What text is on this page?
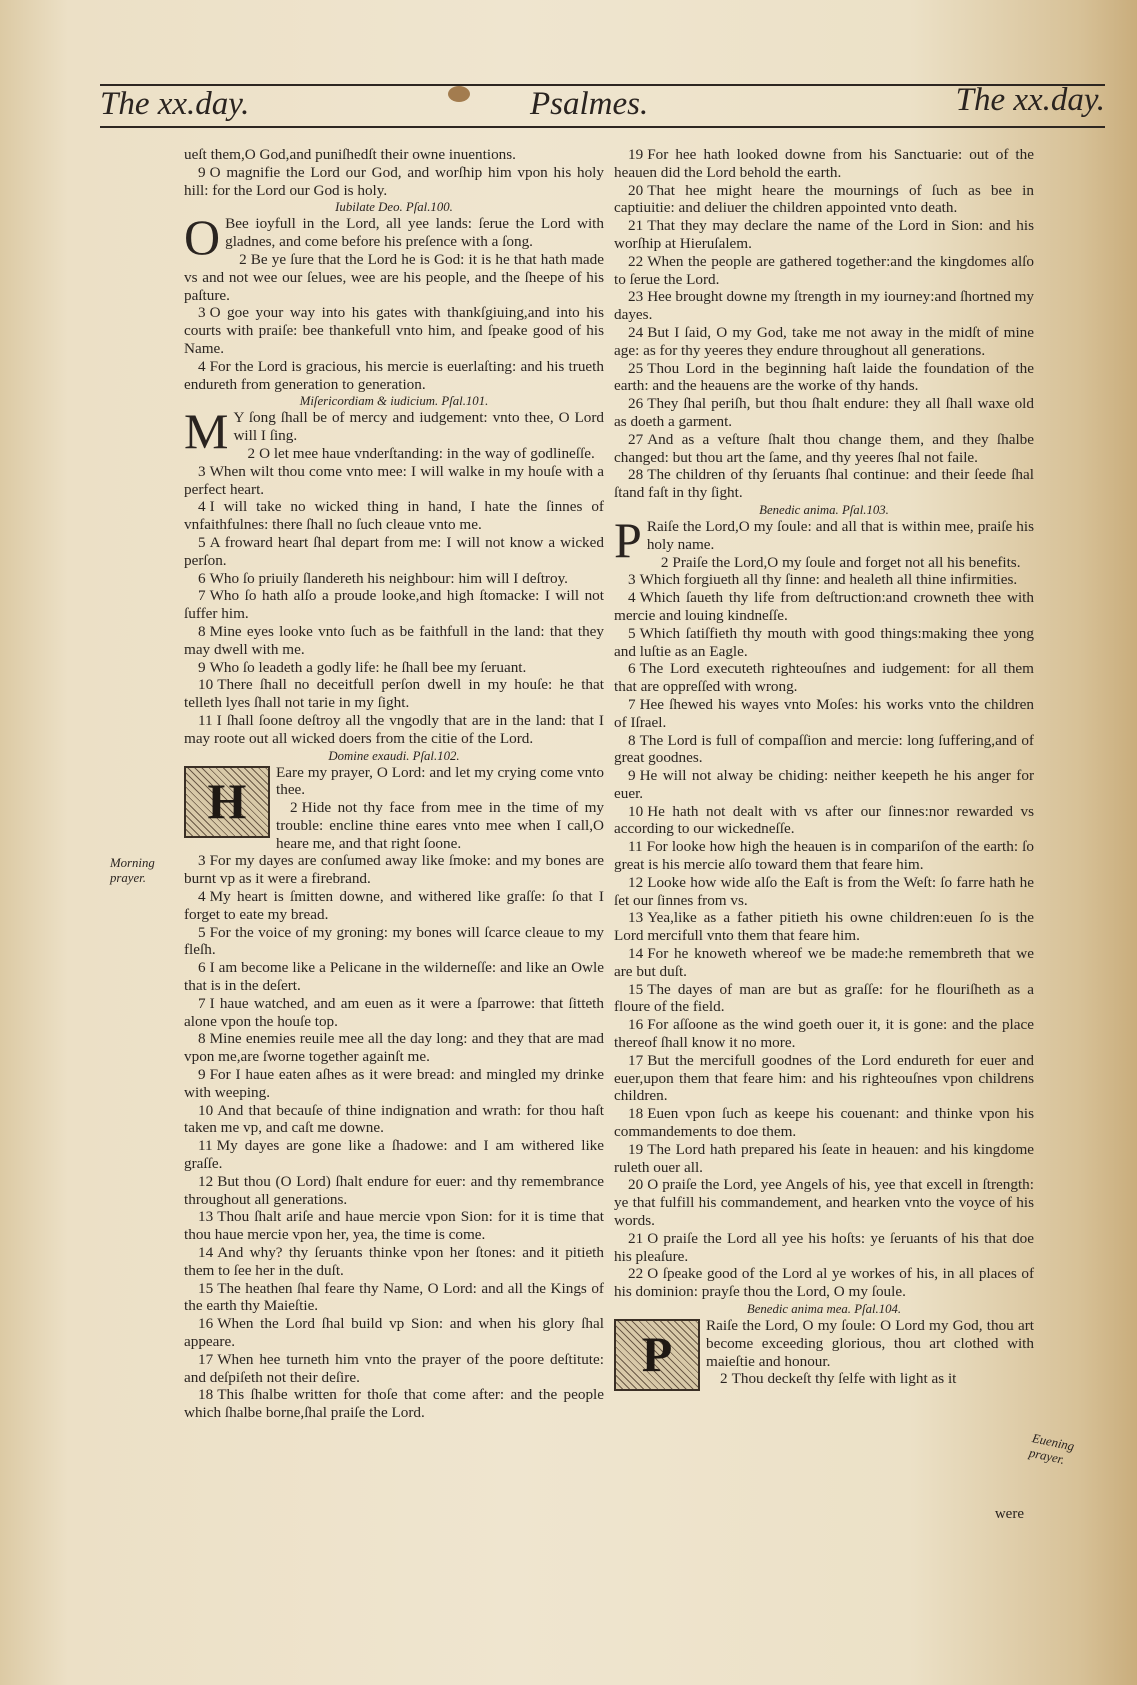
The xx.day.	Psalmes.	The xx.day.

ueſt them,O God,and puniſhedſt their owne inuentions.

9 O magnifie the Lord our God, and worſhip him vpon his holy hill: for the Lord our God is holy.

Iubilate Deo. Pſal.100.

O Bee ioyfull in the Lord, all yee lands: ſerue the Lord with gladnes, and come before his preſence with a ſong.

2 Be ye ſure that the Lord he is God: it is he that hath made vs and not wee our ſelues, wee are his people, and the ſheepe of his paſture.

3 O goe your way into his gates with thankſgiuing,and into his courts with praiſe: bee thankefull vnto him, and ſpeake good of his Name.

4 For the Lord is gracious, his mercie is euerlaſting: and his trueth endureth from generation to generation.

Miſericordiam & iudicium. Pſal.101.

M Y ſong ſhall be of mercy and iudgement: vnto thee, O Lord will I ſing.

2 O let mee haue vnderſtanding: in the way of godlineſſe.

3 When wilt thou come vnto mee: I will walke in my houſe with a perfect heart.

4 I will take no wicked thing in hand, I hate the ſinnes of vnfaithfulnes: there ſhall no ſuch cleaue vnto me.

5 A froward heart ſhal depart from me: I will not know a wicked perſon.

6 Who ſo priuily ſlandereth his neighbour: him will I deſtroy.

7 Who ſo hath alſo a proude looke,and high ſtomacke: I will not ſuffer him.

8 Mine eyes looke vnto ſuch as be faithfull in the land: that they may dwell with me.

9 Who ſo leadeth a godly life: he ſhall bee my ſeruant.

10 There ſhall no deceitfull perſon dwell in my houſe: he that telleth lyes ſhall not tarie in my ſight.

11 I ſhall ſoone deſtroy all the vngodly that are in the land: that I may roote out all wicked doers from the citie of the Lord.

Domine exaudi. Pſal.102.

H
Eare my prayer, O Lord: and let my crying come vnto thee.

2 Hide not thy face from mee in the time of my trouble: encline thine eares vnto mee when I call,O heare me, and that right ſoone.

3 For my dayes are conſumed away like ſmoke: and my bones are burnt vp as it were a firebrand.

4 My heart is ſmitten downe, and withered like graſſe: ſo that I forget to eate my bread.

5 For the voice of my groning: my bones will ſcarce cleaue to my fleſh.

6 I am become like a Pelicane in the wilderneſſe: and like an Owle that is in the deſert.

7 I haue watched, and am euen as it were a ſparrowe: that ſitteth alone vpon the houſe top.

8 Mine enemies reuile mee all the day long: and they that are mad vpon me,are ſworne together againſt me.

9 For I haue eaten aſhes as it were bread: and mingled my drinke with weeping.

10 And that becauſe of thine indignation and wrath: for thou haſt taken me vp, and caſt me downe.

11 My dayes are gone like a ſhadowe: and I am withered like graſſe.

12 But thou (O Lord) ſhalt endure for euer: and thy remembrance throughout all generations.

13 Thou ſhalt ariſe and haue mercie vpon Sion: for it is time that thou haue mercie vpon her, yea, the time is come.

14 And why? thy ſeruants thinke vpon her ſtones: and it pitieth them to ſee her in the duſt.

15 The heathen ſhal feare thy Name, O Lord: and all the Kings of the earth thy Maieſtie.

16 When the Lord ſhal build vp Sion: and when his glory ſhal appeare.

17 When hee turneth him vnto the prayer of the poore deſtitute: and deſpiſeth not their deſire.

18 This ſhalbe written for thoſe that come after: and the people which ſhalbe borne,ſhal praiſe the Lord.

19 For hee hath looked downe from his Sanctuarie: out of the heauen did the Lord behold the earth.

20 That hee might heare the mournings of ſuch as bee in captiuitie: and deliuer the children appointed vnto death.

21 That they may declare the name of the Lord in Sion: and his worſhip at Hieruſalem.

22 When the people are gathered together:and the kingdomes alſo to ſerue the Lord.

23 Hee brought downe my ſtrength in my iourney:and ſhortned my dayes.

24 But I ſaid, O my God, take me not away in the midſt of mine age: as for thy yeeres they endure throughout all generations.

25 Thou Lord in the beginning haſt laide the foundation of the earth: and the heauens are the worke of thy hands.

26 They ſhal periſh, but thou ſhalt endure: they all ſhall waxe old as doeth a garment.

27 And as a veſture ſhalt thou change them, and they ſhalbe changed: but thou art the ſame, and thy yeeres ſhal not faile.

28 The children of thy ſeruants ſhal continue: and their ſeede ſhal ſtand faſt in thy ſight.

Benedic anima. Pſal.103.

P Raiſe the Lord,O my ſoule: and all that is within mee, praiſe his holy name.

2 Praiſe the Lord,O my ſoule and forget not all his benefits.

3 Which forgiueth all thy ſinne: and healeth all thine infirmities.

4 Which ſaueth thy life from deſtruction:and crowneth thee with mercie and louing kindneſſe.

5 Which ſatiſfieth thy mouth with good things:making thee yong and luſtie as an Eagle.

6 The Lord executeth righteouſnes and iudgement: for all them that are oppreſſed with wrong.

7 Hee ſhewed his wayes vnto Moſes: his works vnto the children of Iſrael.

8 The Lord is full of compaſſion and mercie: long ſuffering,and of great goodnes.

9 He will not alway be chiding: neither keepeth he his anger for euer.

10 He hath not dealt with vs after our ſinnes:nor rewarded vs according to our wickedneſſe.

11 For looke how high the heauen is in compariſon of the earth: ſo great is his mercie alſo toward them that feare him.

12 Looke how wide alſo the Eaſt is from the Weſt: ſo farre hath he ſet our ſinnes from vs.

13 Yea,like as a father pitieth his owne children:euen ſo is the Lord mercifull vnto them that feare him.

14 For he knoweth whereof we be made:he remembreth that we are but duſt.

15 The dayes of man are but as graſſe: for he flouriſheth as a floure of the field.

16 For aſſoone as the wind goeth ouer it, it is gone: and the place thereof ſhall know it no more.

17 But the mercifull goodnes of the Lord endureth for euer and euer,upon them that feare him: and his righteouſnes vpon childrens children.

18 Euen vpon ſuch as keepe his couenant: and thinke vpon his commandements to doe them.

19 The Lord hath prepared his ſeate in heauen: and his kingdome ruleth ouer all.

20 O praiſe the Lord, yee Angels of his, yee that excell in ſtrength: ye that fulfill his commandement, and hearken vnto the voyce of his words.

21 O praiſe the Lord all yee his hoſts: ye ſeruants of his that doe his pleaſure.

22 O ſpeake good of the Lord al ye workes of his, in all places of his dominion: prayſe thou the Lord, O my ſoule.

Benedic anima mea. Pſal.104.

P
Raiſe the Lord, O my ſoule: O Lord my God, thou art become exceeding glorious, thou art clothed with maieſtie and honour.

2 Thou deckeſt thy ſelfe with light as it

Morning prayer.
Euening prayer.
were
